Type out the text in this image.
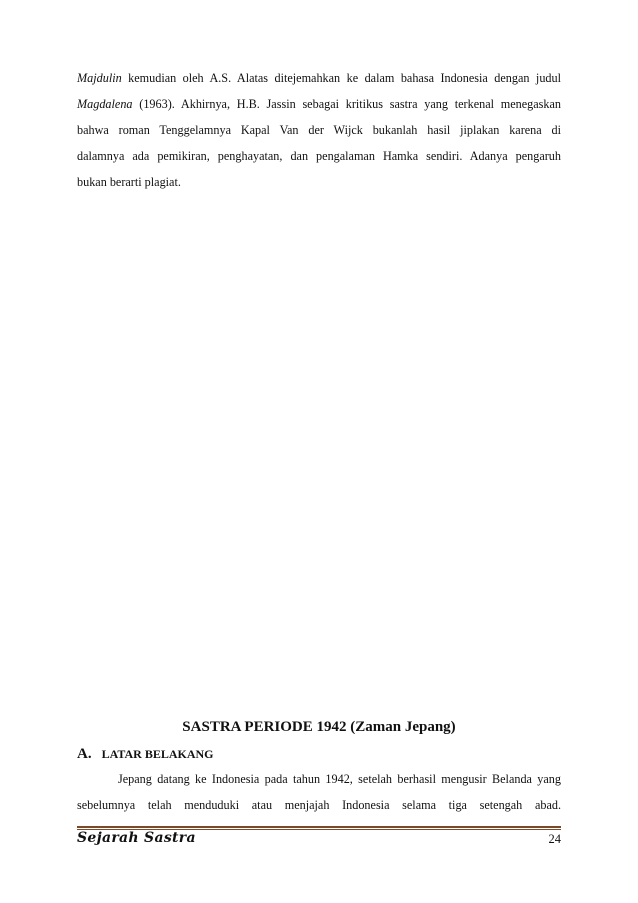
Majdulin kemudian oleh A.S. Alatas ditejemahkan ke dalam bahasa Indonesia dengan judul
Magdalena (1963). Akhirnya, H.B. Jassin sebagai kritikus sastra yang terkenal menegaskan
bahwa roman Tenggelamnya Kapal Van der Wijck bukanlah hasil jiplakan karena di
dalamnya ada pemikiran, penghayatan, dan pengalaman Hamka sendiri. Adanya pengaruh
bukan berarti plagiat.
SASTRA PERIODE 1942 (Zaman Jepang)
A. LATAR BELAKANG
Jepang datang ke Indonesia pada tahun 1942, setelah berhasil mengusir Belanda yang
sebelumnya telah menduduki atau menjajah Indonesia selama tiga setengah abad.
Sejarah Sastra	24
